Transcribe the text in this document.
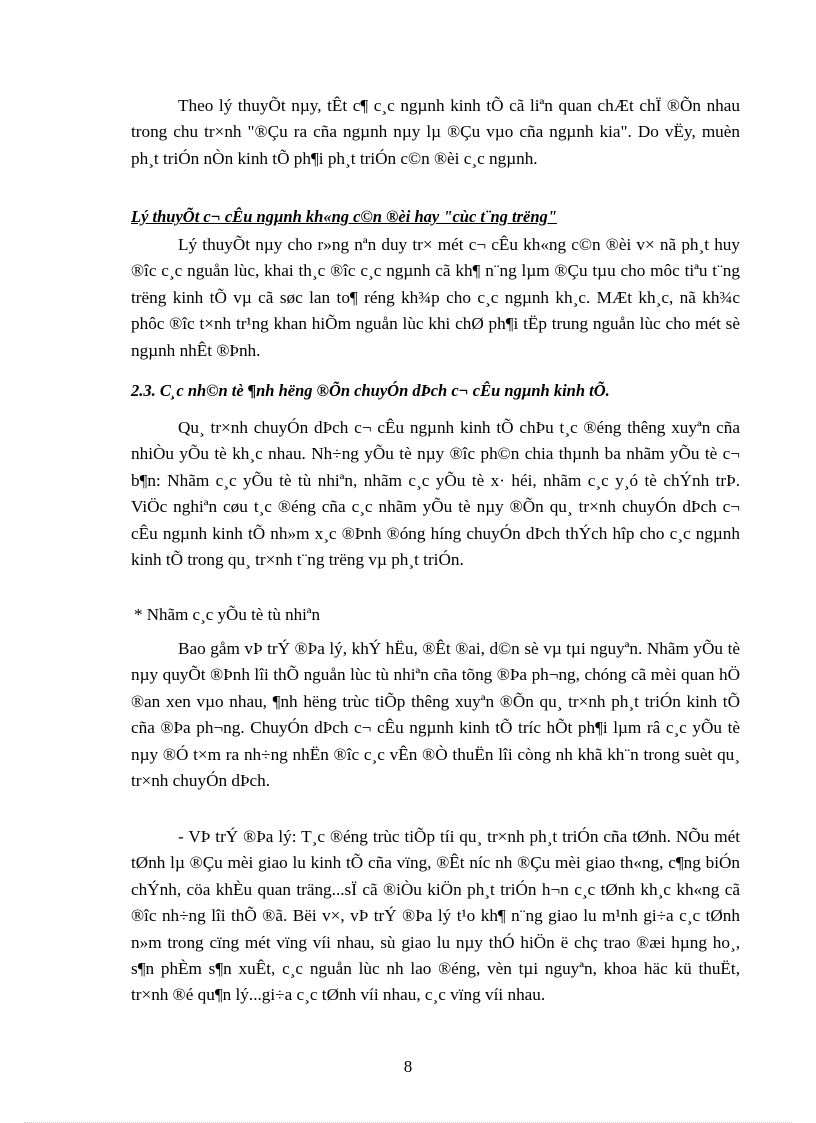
Theo lý thuyÕt nµy, tÊt c¶ c¸c ngµnh kinh tÕ cã liªn quan chÆt chÏ ®Õn nhau trong chu tr×nh "®Çu ra cña ngµnh nµy lµ ®Çu vµo cña ngµnh kia". Do vËy, muèn ph¸t triÓn nÒn kinh tÕ ph¶i ph¸t triÓn c©n ®èi c¸c ngµnh.

Lý thuyÕt c¬ cÊu ngµnh kh«ng c©n ®èi hay "cùc t¨ng trëng"

Lý thuyÕt nµy cho r»ng nªn duy tr× mét c¬ cÊu kh«ng c©n ®èi v× nã ph¸t huy ®îc c¸c nguån lùc, khai th¸c ®îc c¸c ngµnh cã kh¶ n¨ng lµm ®Çu tµu cho môc tiªu t¨ng trëng kinh tÕ vµ cã søc lan to¶ réng kh¾p cho c¸c ngµnh kh¸c. MÆt kh¸c, nã kh¾c phôc ®îc t×nh tr¹ng khan hiÕm nguån lùc khi chØ ph¶i tËp trung nguån lùc cho mét sè ngµnh nhÊt ®Þnh.

2.3. C¸c nh©n tè ¶nh hëng ®Õn chuyÓn dÞch c¬ cÊu ngµnh kinh tÕ.

Qu¸ tr×nh chuyÓn dÞch c¬ cÊu ngµnh kinh tÕ chÞu t¸c ®éng thêng xuyªn cña nhiÒu yÕu tè kh¸c nhau. Nh÷ng yÕu tè nµy ®îc ph©n chia thµnh ba nhãm yÕu tè c¬ b¶n: Nhãm c¸c yÕu tè tù nhiªn, nhãm c¸c yÕu tè x· héi, nhãm c¸c y¸ó tè chÝnh trÞ. ViÖc nghiªn cøu t¸c ®éng cña c¸c nhãm yÕu tè nµy ®Õn qu¸ tr×nh chuyÓn dÞch c¬ cÊu ngµnh kinh tÕ nh»m x¸c ®Þnh ®óng híng chuyÓn dÞch thÝch hîp cho c¸c ngµnh kinh tÕ trong qu¸ tr×nh t¨ng trëng vµ ph¸t triÓn.

* Nhãm c¸c yÕu tè tù nhiªn

Bao gåm vÞ trÝ ®Þa lý, khÝ hËu, ®Êt ®ai, d©n sè vµ tµi nguyªn. Nhãm yÕu tè nµy quyÕt ®Þnh lîi thÕ nguån lùc tù nhiªn cña tõng ®Þa ph¬ng, chóng cã mèi quan hÖ ®an xen vµo nhau, ¶nh hëng trùc tiÕp thêng xuyªn ®Õn qu¸ tr×nh ph¸t triÓn kinh tÕ cña ®Þa ph¬ng. ChuyÓn dÞch c¬ cÊu ngµnh kinh tÕ tríc hÕt ph¶i lµm râ c¸c yÕu tè nµy ®Ó t×m ra nh÷ng nhËn ®îc c¸c vÊn ®Ò thuËn lîi còng nh khã kh¨n trong suèt qu¸ tr×nh chuyÓn dÞch.

- VÞ trÝ ®Þa lý: T¸c ®éng trùc tiÕp tíi qu¸ tr×nh ph¸t triÓn cña tØnh. NÕu mét tØnh lµ ®Çu mèi giao lu kinh tÕ cña vïng, ®Êt níc nh ®Çu mèi giao th«ng, c¶ng biÓn chÝnh, cöa khÈu quan träng...sÏ cã ®iÒu kiÖn ph¸t triÓn h¬n c¸c tØnh kh¸c kh«ng cã ®îc nh÷ng lîi thÕ ®ã. Bëi v×, vÞ trÝ ®Þa lý t¹o kh¶ n¨ng giao lu m¹nh gi÷a c¸c tØnh n»m trong cïng mét vïng víi nhau, sù giao lu nµy thÓ hiÖn ë chç trao ®æi hµng ho¸, s¶n phÈm s¶n xuÊt, c¸c nguån lùc nh lao ®éng, vèn tµi nguyªn, khoa häc kü thuËt, tr×nh ®é qu¶n lý...gi÷a c¸c tØnh víi nhau, c¸c vïng víi nhau.

8
